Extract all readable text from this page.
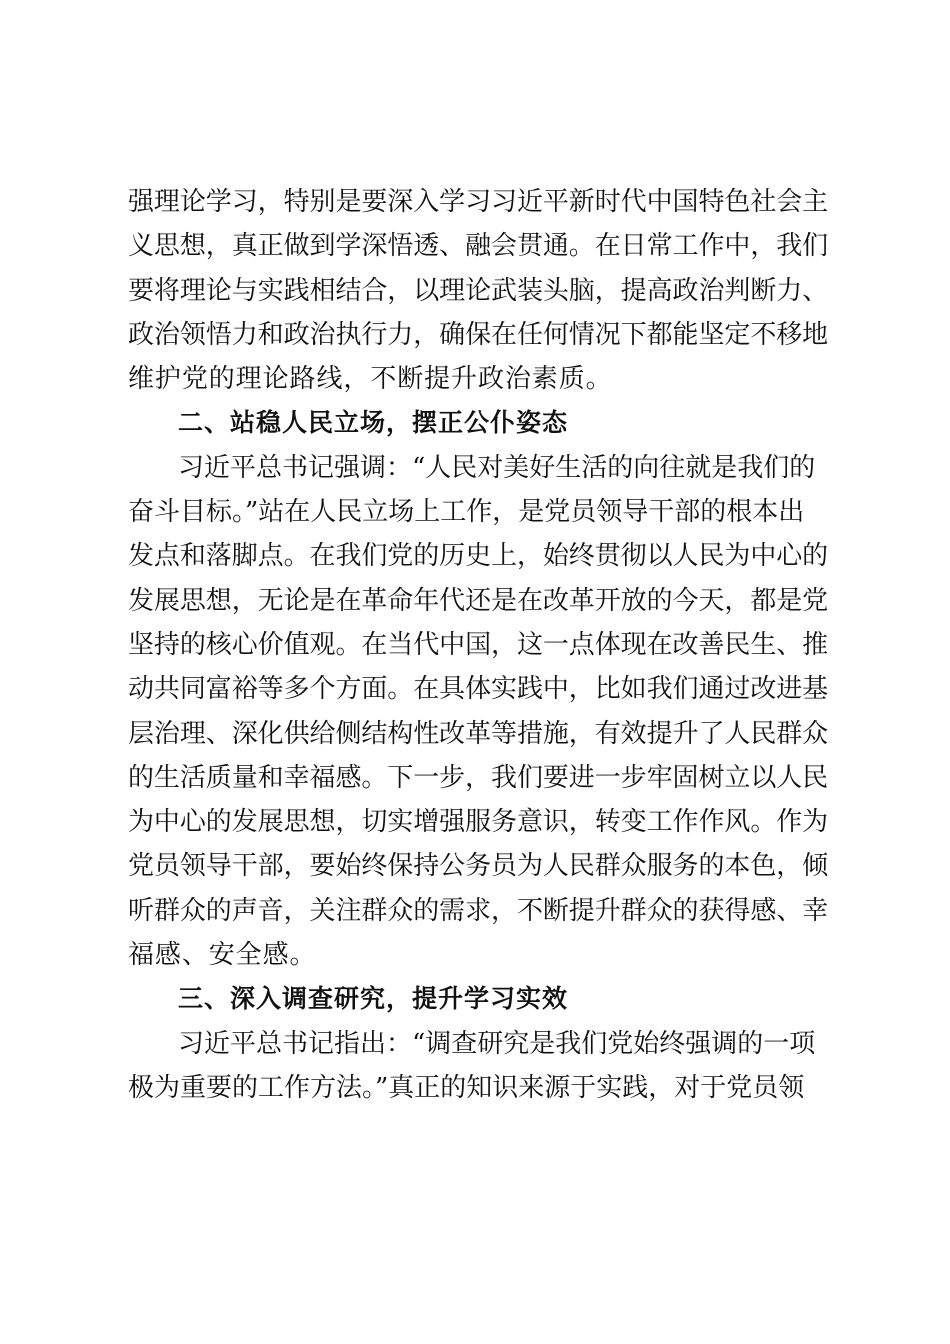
强理论学习，特别是要深入学习习近平新时代中国特色社会主
义思想，真正做到学深悟透、融会贯通。在日常工作中，我们
要将理论与实践相结合，以理论武装头脑，提高政治判断力、
政治领悟力和政治执行力，确保在任何情况下都能坚定不移地
维护党的理论路线，不断提升政治素质。
二、站稳人民立场，摆正公仆姿态
习近平总书记强调：“人民对美好生活的向往就是我们的
奋斗目标。”站在人民立场上工作，是党员领导干部的根本出
发点和落脚点。在我们党的历史上，始终贯彻以人民为中心的
发展思想，无论是在革命年代还是在改革开放的今天，都是党
坚持的核心价值观。在当代中国，这一点体现在改善民生、推
动共同富裕等多个方面。在具体实践中，比如我们通过改进基
层治理、深化供给侧结构性改革等措施，有效提升了人民群众
的生活质量和幸福感。下一步，我们要进一步牢固树立以人民
为中心的发展思想，切实增强服务意识，转变工作作风。作为
党员领导干部，要始终保持公务员为人民群众服务的本色，倾
听群众的声音，关注群众的需求，不断提升群众的获得感、幸
福感、安全感。
三、深入调查研究，提升学习实效
习近平总书记指出：“调查研究是我们党始终强调的一项
极为重要的工作方法。”真正的知识来源于实践，对于党员领
